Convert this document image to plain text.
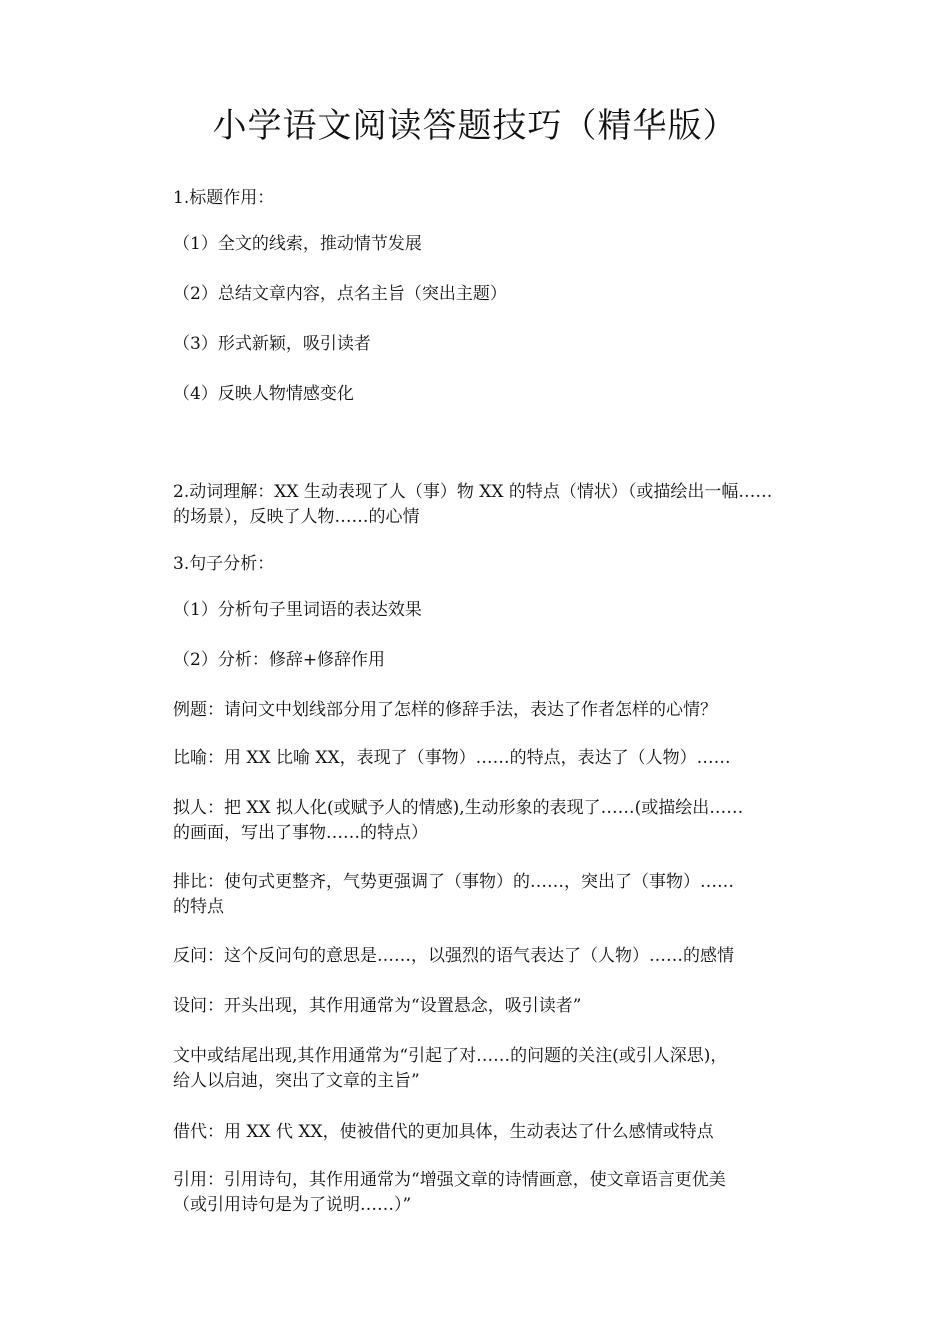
小学语文阅读答题技巧（精华版）
1.标题作用：
（1）全文的线索，推动情节发展
（2）总结文章内容，点名主旨（突出主题）
（3）形式新颖，吸引读者
（4）反映人物情感变化
2.动词理解：XX 生动表现了人（事）物 XX 的特点（情状）（或描绘出一幅……
的场景），反映了人物……的心情
3.句子分析：
（1）分析句子里词语的表达效果
（2）分析：修辞+修辞作用
例题：请问文中划线部分用了怎样的修辞手法，表达了作者怎样的心情？
比喻：用 XX 比喻 XX，表现了（事物）……的特点，表达了（人物）……
拟人：把 XX 拟人化(或赋予人的情感),生动形象的表现了……(或描绘出……
的画面，写出了事物……的特点）
排比：使句式更整齐，气势更强调了（事物）的……，突出了（事物）……
的特点
反问：这个反问句的意思是……，以强烈的语气表达了（人物）……的感情
设问：开头出现，其作用通常为“设置悬念，吸引读者”
文中或结尾出现,其作用通常为“引起了对……的问题的关注(或引人深思)，
给人以启迪，突出了文章的主旨”
借代：用 XX 代 XX，使被借代的更加具体，生动表达了什么感情或特点
引用：引用诗句，其作用通常为“增强文章的诗情画意，使文章语言更优美
（或引用诗句是为了说明……）”
